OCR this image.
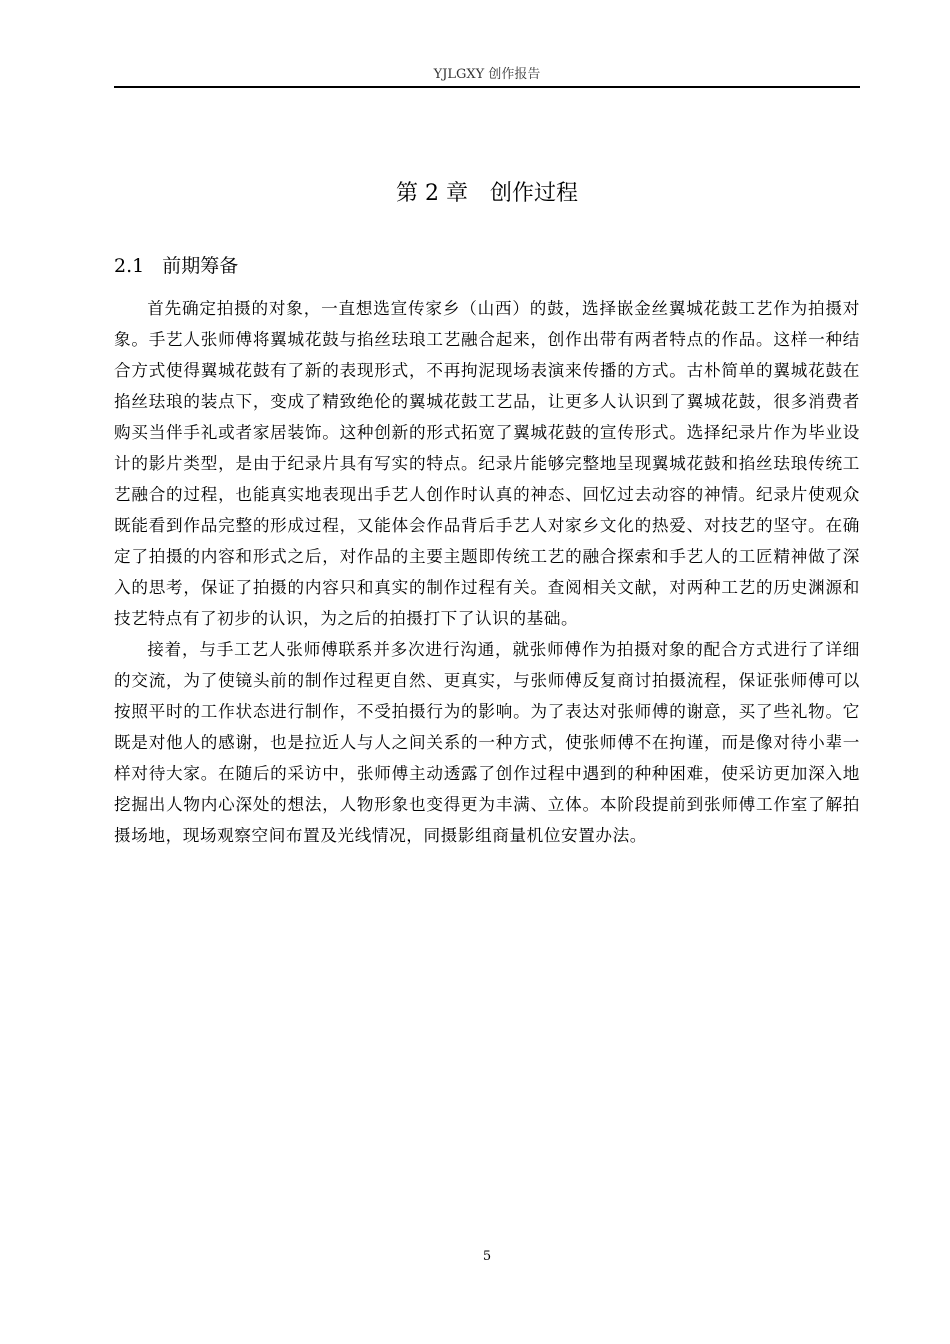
YJLGXY 创作报告
第 2 章 创作过程
2.1 前期筹备

首先确定拍摄的对象，一直想选宣传家乡（山西）的鼓，选择嵌金丝翼城花鼓工艺作为拍摄对象。手艺人张师傅将翼城花鼓与掐丝珐琅工艺融合起来，创作出带有两者特点的作品。这样一种结合方式使得翼城花鼓有了新的表现形式，不再拘泥现场表演来传播的方式。古朴简单的翼城花鼓在掐丝珐琅的装点下，变成了精致绝伦的翼城花鼓工艺品，让更多人认识到了翼城花鼓，很多消费者购买当伴手礼或者家居装饰。这种创新的形式拓宽了翼城花鼓的宣传形式。选择纪录片作为毕业设计的影片类型，是由于纪录片具有写实的特点。纪录片能够完整地呈现翼城花鼓和掐丝珐琅传统工艺融合的过程，也能真实地表现出手艺人创作时认真的神态、回忆过去动容的神情。纪录片使观众既能看到作品完整的形成过程，又能体会作品背后手艺人对家乡文化的热爱、对技艺的坚守。在确定了拍摄的内容和形式之后，对作品的主要主题即传统工艺的融合探索和手艺人的工匠精神做了深入的思考，保证了拍摄的内容只和真实的制作过程有关。查阅相关文献，对两种工艺的历史渊源和技艺特点有了初步的认识，为之后的拍摄打下了认识的基础。

接着，与手工艺人张师傅联系并多次进行沟通，就张师傅作为拍摄对象的配合方式进行了详细的交流，为了使镜头前的制作过程更自然、更真实，与张师傅反复商讨拍摄流程，保证张师傅可以按照平时的工作状态进行制作，不受拍摄行为的影响。为了表达对张师傅的谢意，买了些礼物。它既是对他人的感谢，也是拉近人与人之间关系的一种方式，使张师傅不在拘谨，而是像对待小辈一样对待大家。在随后的采访中，张师傅主动透露了创作过程中遇到的种种困难，使采访更加深入地挖掘出人物内心深处的想法，人物形象也变得更为丰满、立体。本阶段提前到张师傅工作室了解拍摄场地，现场观察空间布置及光线情况，同摄影组商量机位安置办法。

5
